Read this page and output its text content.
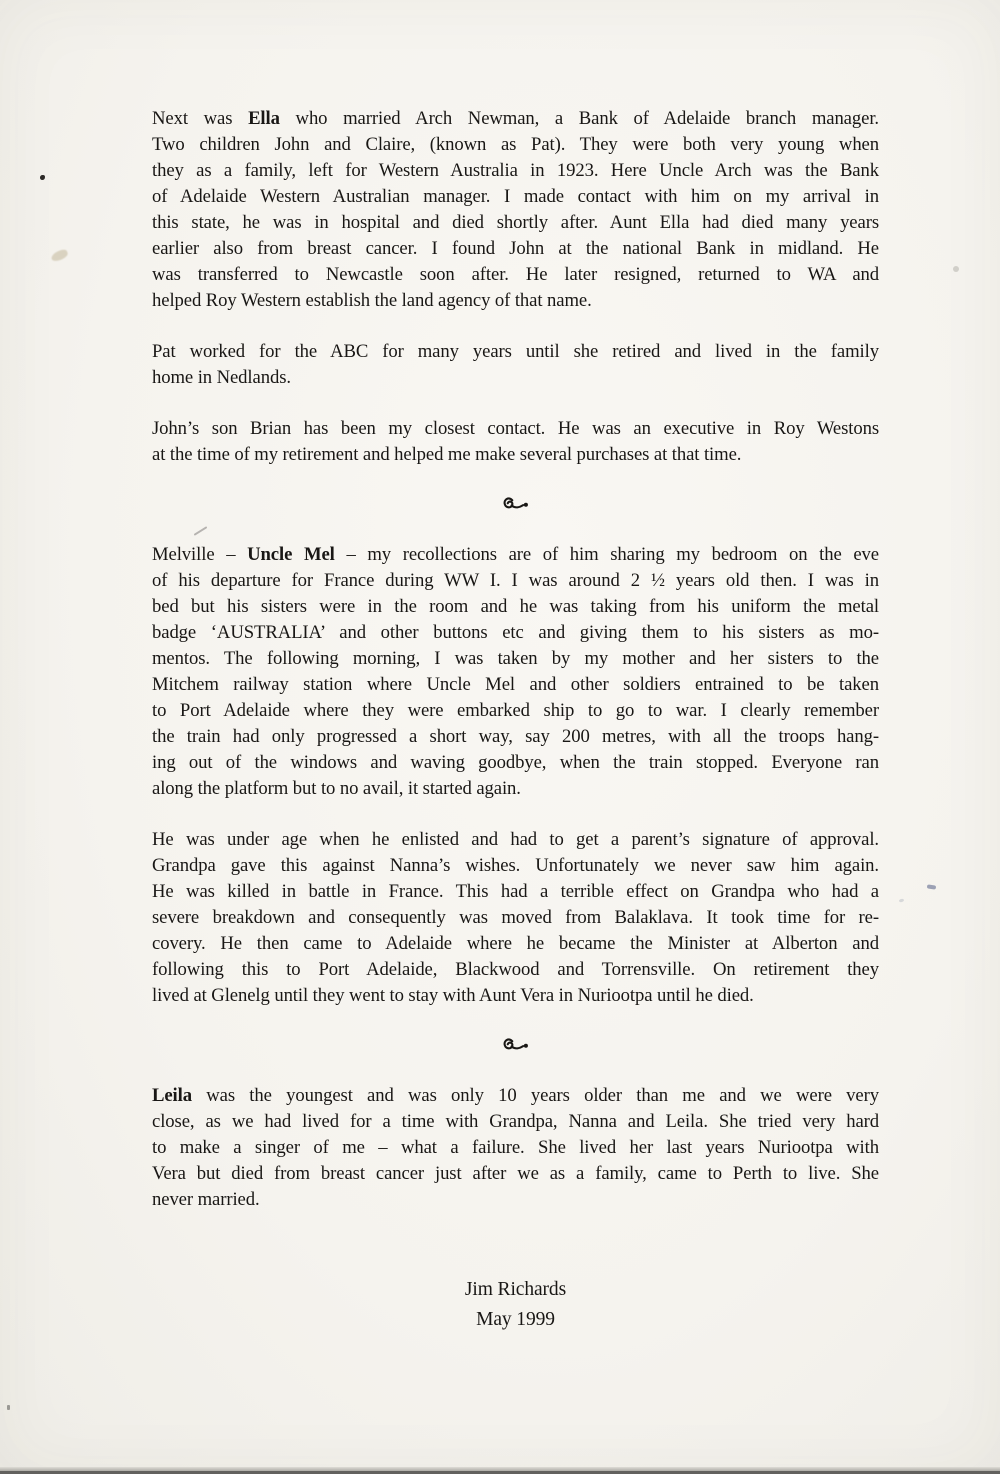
Next was Ella who married Arch Newman, a Bank of Adelaide branch manager.
Two children John and Claire, (known as Pat). They were both very young when
they as a family, left for Western Australia in 1923. Here Uncle Arch was the Bank
of Adelaide Western Australian manager. I made contact with him on my arrival in
this state, he was in hospital and died shortly after. Aunt Ella had died many years
earlier also from breast cancer. I found John at the national Bank in midland. He
was transferred to Newcastle soon after. He later resigned, returned to WA and
helped Roy Western establish the land agency of that name.
Pat worked for the ABC for many years until she retired and lived in the family
home in Nedlands.
John’s son Brian has been my closest contact. He was an executive in Roy Westons
at the time of my retirement and helped me make several purchases at that time.
Melville – Uncle Mel – my recollections are of him sharing my bedroom on the eve
of his departure for France during WW I. I was around 2 ½ years old then. I was in
bed but his sisters were in the room and he was taking from his uniform the metal
badge ‘AUSTRALIA’ and other buttons etc and giving them to his sisters as mo-
mentos. The following morning, I was taken by my mother and her sisters to the
Mitchem railway station where Uncle Mel and other soldiers entrained to be taken
to Port Adelaide where they were embarked ship to go to war. I clearly remember
the train had only progressed a short way, say 200 metres, with all the troops hang-
ing out of the windows and waving goodbye, when the train stopped. Everyone ran
along the platform but to no avail, it started again.
He was under age when he enlisted and had to get a parent’s signature of approval.
Grandpa gave this against Nanna’s wishes. Unfortunately we never saw him again.
He was killed in battle in France. This had a terrible effect on Grandpa who had a
severe breakdown and consequently was moved from Balaklava. It took time for re-
covery. He then came to Adelaide where he became the Minister at Alberton and
following this to Port Adelaide, Blackwood and Torrensville. On retirement they
lived at Glenelg until they went to stay with Aunt Vera in Nuriootpa until he died.
Leila was the youngest and was only 10 years older than me and we were very
close, as we had lived for a time with Grandpa, Nanna and Leila. She tried very hard
to make a singer of me – what a failure. She lived her last years Nuriootpa with
Vera but died from breast cancer just after we as a family, came to Perth to live. She
never married.
Jim Richards
May 1999
